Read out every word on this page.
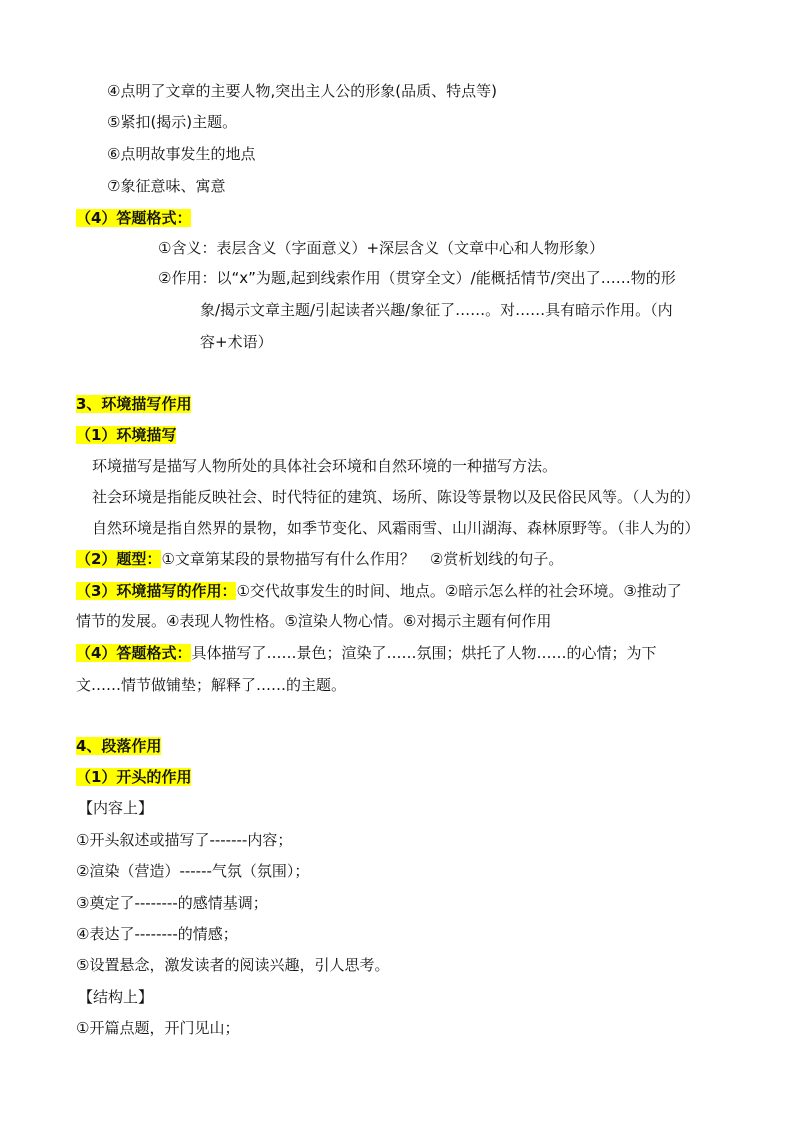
④点明了文章的主要人物,突出主人公的形象(品质、特点等)
⑤紧扣(揭示)主题。
⑥点明故事发生的地点
⑦象征意味、寓意
（4）答题格式：
①含义：表层含义（字面意义）+深层含义（文章中心和人物形象）
②作用：以“x”为题,起到线索作用（贯穿全文）/能概括情节/突出了……物的形
象/揭示文章主题/引起读者兴趣/象征了……。对……具有暗示作用。（内
容+术语）
3、环境描写作用
（1）环境描写
环境描写是描写人物所处的具体社会环境和自然环境的一种描写方法。
社会环境是指能反映社会、时代特征的建筑、场所、陈设等景物以及民俗民风等。（人为的）
自然环境是指自然界的景物，如季节变化、风霜雨雪、山川湖海、森林原野等。（非人为的）
（2）题型：①文章第某段的景物描写有什么作用？　②赏析划线的句子。
（3）环境描写的作用：①交代故事发生的时间、地点。②暗示怎么样的社会环境。③推动了
情节的发展。④表现人物性格。⑤渲染人物心情。⑥对揭示主题有何作用
（4）答题格式：具体描写了……景色；渲染了……氛围；烘托了人物……的心情；为下
文……情节做铺垫；解释了……的主题。
4、段落作用
（1）开头的作用
【内容上】
①开头叙述或描写了-------内容；
②渲染（营造）------气氛（氛围）；
③奠定了--------的感情基调；
④表达了--------的情感；
⑤设置悬念，激发读者的阅读兴趣，引人思考。
【结构上】
①开篇点题，开门见山；
